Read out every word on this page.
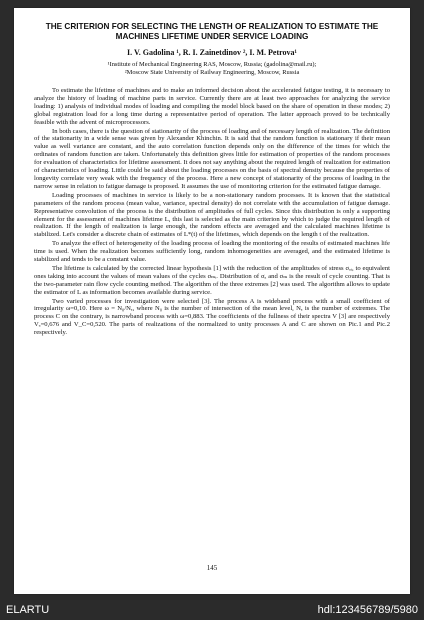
THE CRITERION FOR SELECTING THE LENGTH OF REALIZATION TO ESTIMATE THE MACHINES LIFETIME UNDER SERVICE LOADING

I. V. Gadolina ¹, R. I. Zainetdinov ², I. M. Petrova¹

¹Institute of Mechanical Engineering RAS, Moscow, Russia; (gadolina@mail.ru);

²Moscow State University of Railway Engineering, Moscow, Russia

To estimate the lifetime of machines and to make an informed decision about the accelerated fatigue testing, it is necessary to analyze the history of loading of machine parts in service. Currently there are at least two approaches for analyzing the service loading: 1) analysis of individual modes of loading and compiling the model block based on the share of operation in these modes; 2) global registration load for a long time during a representative period of operation. The latter approach proved to be technically feasible with the advent of microprocessors.

In both cases, there is the question of stationarity of the process of loading and of necessary length of realization. The definition of the stationarity in a wide sense was given by Alexander Khinchin. It is said that the random function is stationary if their mean value as well variance are constant, and the auto correlation function depends only on the difference of the times for which the ordinates of random function are taken. Unfortunately this definition gives little for estimation of properties of the random processes for evaluation of characteristics for lifetime assessment. It does not say anything about the required length of realization for estimation of characteristics of loading. Little could be said about the loading processes on the basis of spectral density because the properties of longevity correlate very weak with the frequency of the process. Here a new concept of stationarity of the process of loading in the narrow sense in relation to fatigue damage is proposed. It assumes the use of monitoring criterion for the estimated fatigue damage.

Loading processes of machines in service is likely to be a non-stationary random processes. It is known that the statistical parameters of the random process (mean value, variance, spectral density) do not correlate with the accumulation of fatigue damage. Representative convolution of the process is the distribution of amplitudes of full cycles. Since this distribution is only a supporting element for the assessment of machines lifetime L, this last is selected as the main criterion by which to judge the required length of realization. If the length of realization is large enough, the random effects are averaged and the calculated machines lifetime is stabilized. Let's consider a discrete chain of estimates of L*(t) of the lifetimes, which depends on the length t of the realization.

To analyze the effect of heterogeneity of the loading process of loading the monitoring of the results of estimated machines life time is used. When the realization becomes sufficiently long, random inhomogeneities are averaged, and the estimated lifetime is stabilized and tends to be a constant value.

The lifetime is calculated by the corrected linear hypothesis [1] with the reduction of the amplitudes of stress σₐᵢ, to equivalent ones taking into account the values of mean values of the cycles σₘᵢ. Distribution of σₐ and σₘ is the result of cycle counting. That is the two-parameter rain flow cycle counting method. The algorithm of the three extremes [2] was used. The algorithm allows to update the estimator of L as information becomes available during service.

Two varied processes for investigation were selected [3]. The process A is wideband process with a small coefficient of irregularity ω=0,10. Here ω = N₀/Nₑ, where N₀ is the number of intersection of the mean level, Nₑ is the number of extremes. The process C on the contrary, is narrowband process with ω=0,883. The coefficients of the fullness of their spectra V [3] are respectively Vₐ=0,676 and V_C=0,520. The parts of realizations of the normalized to unity processes A and C are shown on Pic.1 and Pic.2 respectively.

145
ELARTU	hdl:123456789/5980
